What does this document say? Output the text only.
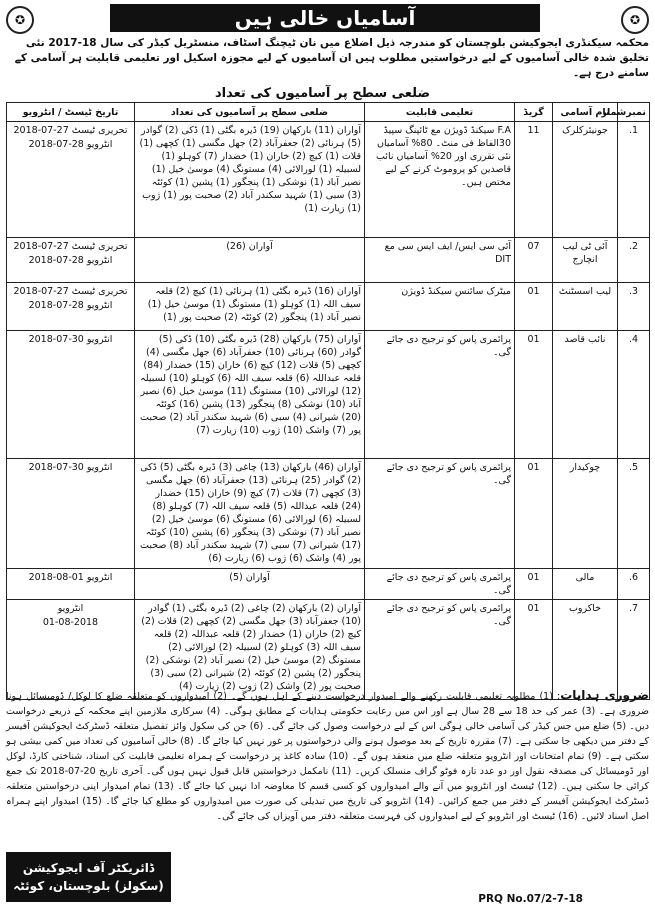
✪	آسامیاں خالی ہیں	✪
محکمہ سیکنڈری ایجوکیشن بلوچستان کو مندرجہ ذیل اضلاع میں نان ٹیچنگ اسٹاف، منسٹریل کیڈر کی سال 18-2017 نئی تخلیق شدہ خالی آسامیوں کے لیے درخواستیں مطلوب ہیں ان آسامیوں کے لیے مجوزہ اسکیل اور تعلیمی قابلیت ہر آسامی کے سامنے درج ہے۔
ضلعی سطح پر آسامیوں کی تعداد
نمبرشمار	نام آسامی	گریڈ	تعلیمی قابلیت	ضلعی سطح پر آسامیوں کی تعداد	تاریخ ٹیسٹ / انٹرویو
1.	جونیئرکلرک	11	F.A سیکنڈ ڈویژن مع ٹائپنگ سپیڈ 30الفاظ فی منٹ۔ 80% آسامیاں نئی تقرری اور 20% آسامیاں نائب قاصدین کو پروموٹ کرنے کے لیے مختص ہیں۔	آواران (11) بارکھان (19) ڈیرہ بگٹی (1) ڈکی (2) گوادر (5) ہرنائی (2) جعفرآباد (2) جھل مگسی (1) کچھی (1) قلات (1) کیچ (2) خاران (1) خضدار (7) کوہلو (1) لسبیلہ (1) لورالائی (4) مستونگ (4) موسیٰ خیل (1) نصیر آباد (1) نوشکی (1) پنجگور (1) پشین (1) کوئٹہ (3) سبی (1) شہید سکندر آباد (2) صحبت پور (1) ژوب (1) زیارت (1)	تحریری ٹیسٹ 27-07-2018
انٹرویو 28-07-2018

2.	آئی ٹی لیب انچارج	07	آئی سی ایس/ ایف ایس سی مع DIT	آواران (26)	تحریری ٹیسٹ 27-07-2018
انٹرویو 28-07-2018

3.	لیب اسسٹنٹ	01	میٹرک سائنس سیکنڈ ڈویژن	آواران (16) ڈیرہ بگٹی (1) ہرنائی (1) کیچ (2) قلعہ سیف اللہ (1) کوہلو (1) مستونگ (1) موسیٰ خیل (1) نصیر آباد (1) پنجگور (2) کوئٹہ (2) صحبت پور (1)	تحریری ٹیسٹ 27-07-2018
انٹرویو 28-07-2018

4.	نائب قاصد	01	پرائمری پاس کو ترجیح دی جائے گی۔	آواران (75) بارکھان (28) ڈیرہ بگٹی (10) ڈکی (5) گوادر (60) ہرنائی (10) جعفرآباد (6) جھل مگسی (4) کچھی (5) قلات (12) کیچ (6) خاران (15) خضدار (84) قلعہ عبداللہ (6) قلعہ سیف اللہ (6) کوہلو (10) لسبیلہ (12) لورالائی (10) مستونگ (11) موسیٰ خیل (6) نصیر آباد (10) نوشکی (8) پنجگور (13) پشین (16) کوئٹہ (20) شیرانی (4) سبی (6) شہید سکندر آباد (2) صحبت پور (7) واشک (10) ژوب (10) زیارت (7)	انٹرویو 30-07-2018

5.	چوکیدار	01	پرائمری پاس کو ترجیح دی جائے گی۔	آواران (46) بارکھان (13) چاغی (3) ڈیرہ بگٹی (5) ڈکی (2) گوادر (25) ہرنائی (13) جعفرآباد (6) جھل مگسی (3) کچھی (7) قلات (7) کیچ (9) خاران (15) خضدار (24) قلعہ عبداللہ (5) قلعہ سیف اللہ (7) کوہلو (8) لسبیلہ (6) لورالائی (6) مستونگ (6) موسیٰ خیل (2) نصیر آباد (7) نوشکی (3) پنجگور (6) پشین (10) کوئٹہ (17) شیرانی (7) سبی (7) شہید سکندر آباد (8) صحبت پور (4) واشک (6) ژوب (6) زیارت (6)	انٹرویو 30-07-2018

6.	مالی	01	پرائمری پاس کو ترجیح دی جائے گی۔	آواران (5)	انٹرویو 01-08-2018

7.	خاکروب	01	پرائمری پاس کو ترجیح دی جائے گی۔	آواران (2) بارکھان (2) چاغی (2) ڈیرہ بگٹی (1) گوادر (10) جعفرآباد (3) جھل مگسی (2) کچھی (2) قلات (2) کیچ (2) خاران (1) خضدار (2) قلعہ عبداللہ (2) قلعہ سیف اللہ (3) کوہلو (2) لسبیلہ (2) لورالائی (2) مستونگ (2) موسیٰ خیل (2) نصیر آباد (2) نوشکی (2) پنجگور (2) پشین (2) کوئٹہ (2) شیرانی (2) سبی (3) صحبت پور (2) واشک (2) ژوب (2) زیارت (4)	انٹرویو
01-08-2018
ضروری ہدایات: (1) مطلوبہ تعلیمی قابلیت رکھنے والے امیدوار درخواست دینے کے اہل ہوں گے۔ (2) امیدواروں کو متعلقہ ضلع کا لوکل/ ڈومیسائل ہونا ضروری ہے۔ (3) عمر کی حد 18 سے 28 سال ہے اور اس میں رعایت حکومتی ہدایات کے مطابق ہوگی۔ (4) سرکاری ملازمین اپنے محکمہ کے ذریعے درخواست دیں۔ (5) ضلع میں جس کیڈر کی آسامی خالی ہوگی اس کے لیے درخواست وصول کی جائے گی۔ (6) جن کی سکول وائز تفصیل متعلقہ ڈسٹرکٹ ایجوکیشن آفیسر کے دفتر میں دیکھی جا سکتی ہے۔ (7) مقررہ تاریخ کے بعد موصول ہونے والی درخواستوں پر غور نہیں کیا جائے گا۔ (8) خالی آسامیوں کی تعداد میں کمی بیشی ہو سکتی ہے۔ (9) تمام امتحانات اور انٹرویو متعلقہ ضلع میں منعقد ہوں گے۔ (10) سادہ کاغذ پر درخواست کے ہمراہ تعلیمی قابلیت کی اسناد، شناختی کارڈ، لوکل اور ڈومیسائل کی مصدقہ نقول اور دو عدد تازہ فوٹو گراف منسلک کریں۔ (11) نامکمل درخواستیں قابل قبول نہیں ہوں گی۔ آخری تاریخ 20-07-2018 تک جمع کرائی جا سکتی ہیں۔ (12) ٹیسٹ اور انٹرویو میں آنے والے امیدواروں کو کسی قسم کا معاوضہ ادا نہیں کیا جائے گا۔ (13) تمام امیدوار اپنی درخواستیں متعلقہ ڈسٹرکٹ ایجوکیشن آفیسر کے دفتر میں جمع کرائیں۔ (14) انٹرویو کی تاریخ میں تبدیلی کی صورت میں امیدواروں کو مطلع کیا جائے گا۔ (15) امیدوار اپنے ہمراہ اصل اسناد لائیں۔ (16) ٹیسٹ اور انٹرویو کے لیے امیدواروں کی فہرست متعلقہ دفتر میں آویزاں کی جائے گی۔
ڈائریکٹر آف ایجوکیشن
(سکولز) بلوچستان، کوئٹہ
PRQ No.07/2-7-18
